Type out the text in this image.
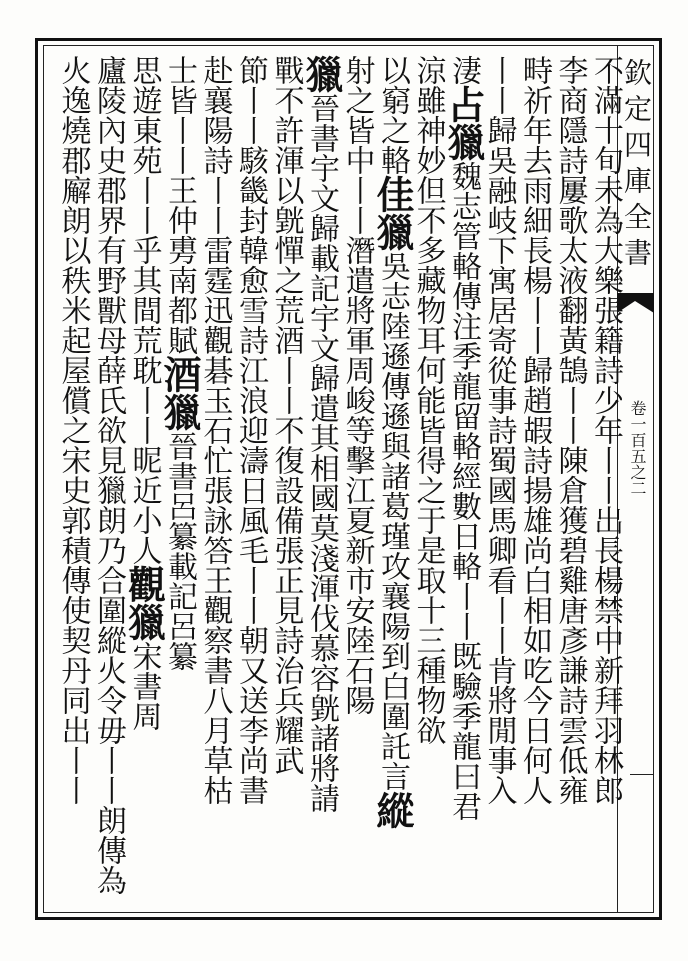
欽定四庫全書
卷一百五之二
不滿十旬未為大樂張籍詩少年丨丨出長楊禁中新拜羽林郎
李商隱詩屢歌太液翻黃鵠丨丨陳倉獲碧雞唐彥謙詩雲低雍
畤祈年去雨細長楊丨丨歸趙嘏詩揚雄尚白相如吃今日何人
丨丨歸吳融岐下寓居寄從事詩蜀國馬卿看丨丨肯將閒事入
淒占獵魏志管輅傳注季龍留輅經數日輅丨丨既驗季龍曰君
涼雖神妙但不多藏物耳何能皆得之于是取十三種物欲
以窮之輅佳獵吳志陸遜傳遜與諸葛瑾攻襄陽到白圍託言縱
射之皆中丨丨潛遣將軍周峻等擊江夏新市安陸石陽
獵晉書宇文歸載記宇文歸遣其相國莫淺渾伐慕容皝諸將請
戰不許渾以皝憚之荒酒丨丨不復設備張正見詩治兵耀武
節丨丨駭畿封韓愈雪詩江浪迎濤日風毛丨丨朝又送李尚書
赴襄陽詩丨丨雷霆迅觀碁玉石忙張詠答王觀察書八月草枯
士皆丨丨王仲旉南都賦酒獵晉書呂纂載記呂纂
思遊東苑丨丨乎其間荒耽丨丨昵近小人觀獵宋書周
廬陵內史郡界有野獸母薛氏欲見獵朗乃合圍縱火令毋丨丨朗傳為
火逸燒郡廨朗以秩米起屋償之宋史郭積傳使契丹同出丨丨
